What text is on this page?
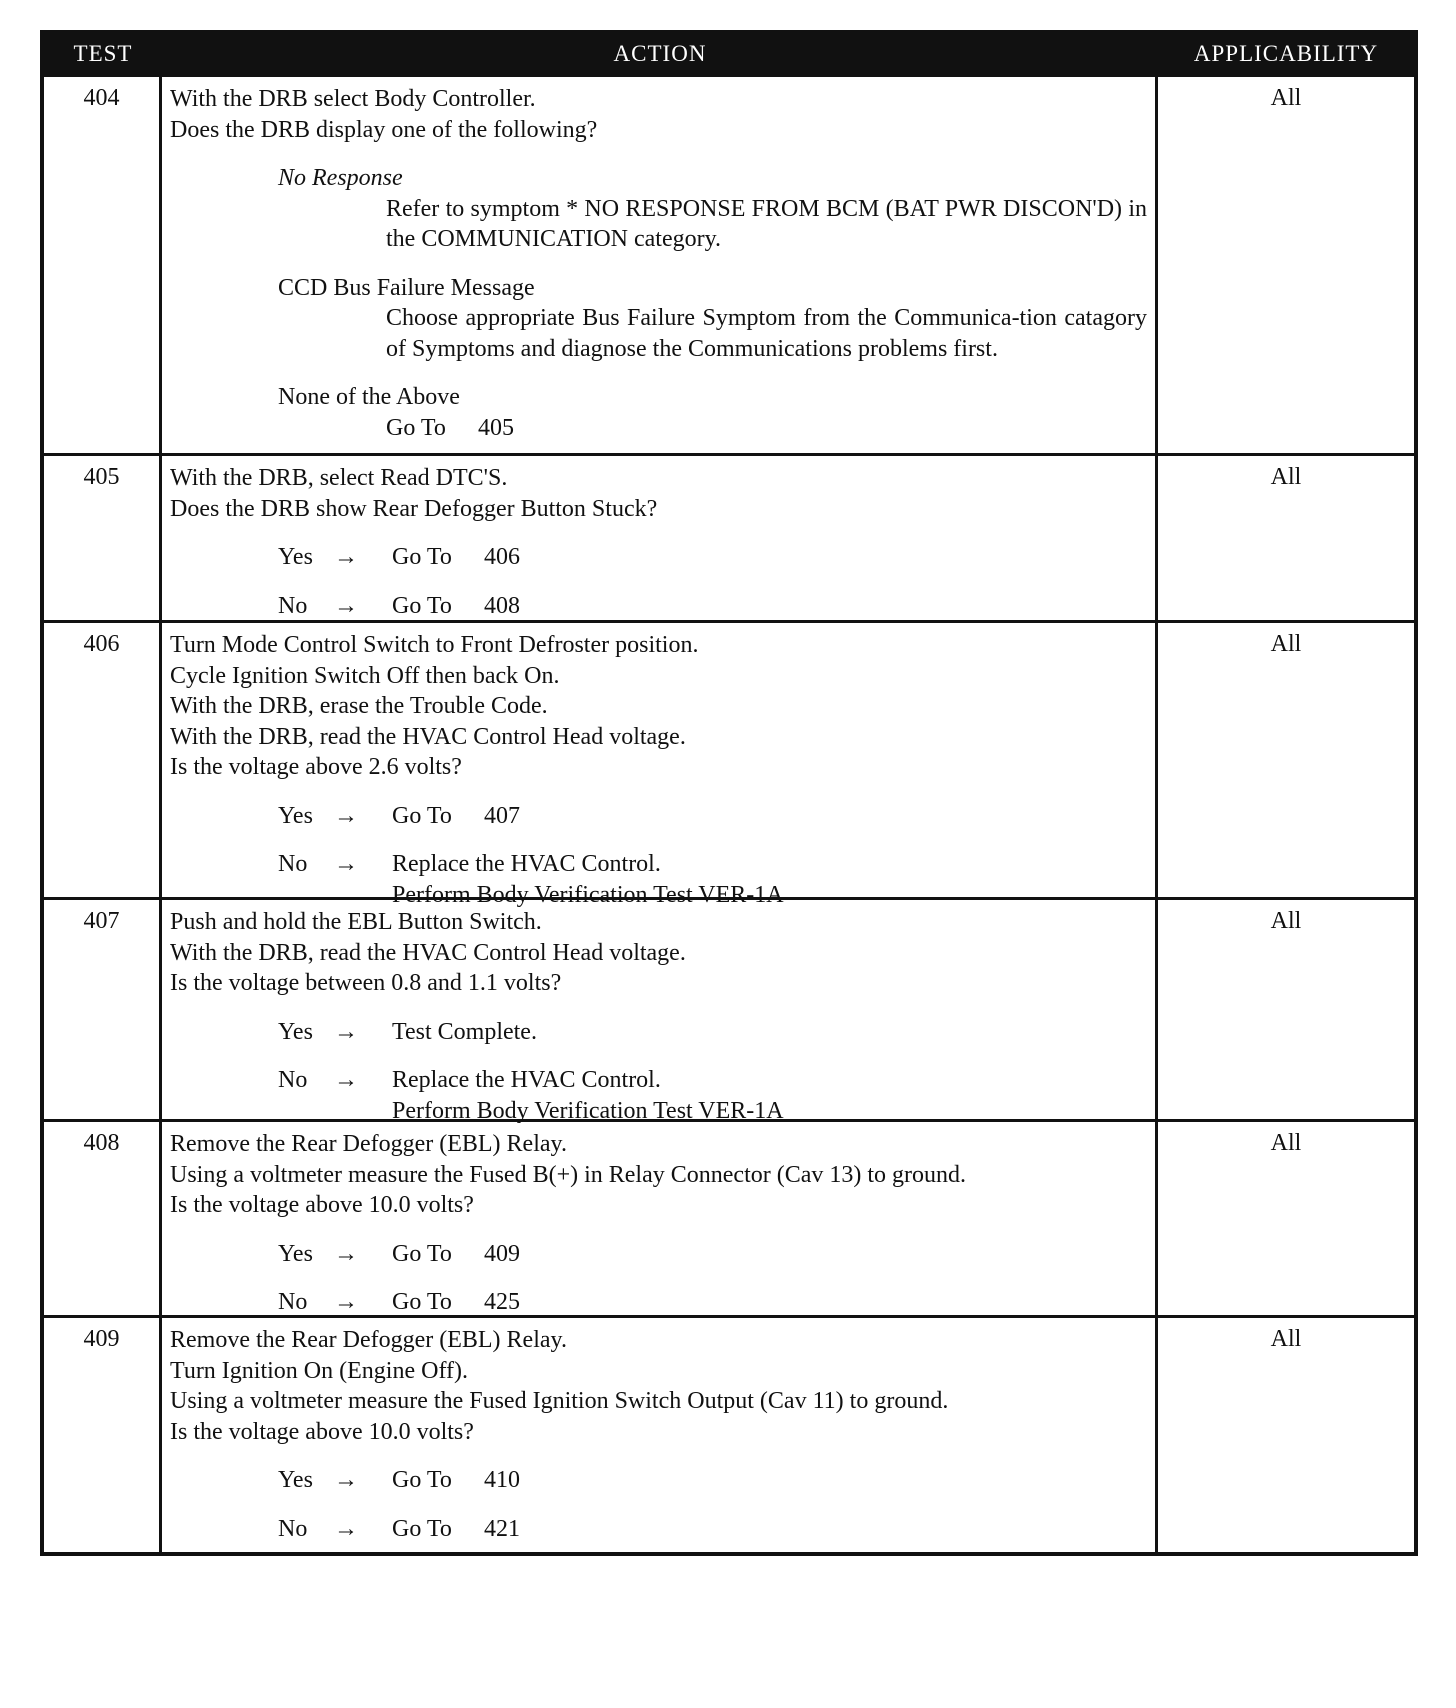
TEST	ACTION	APPLICABILITY
404	With the DRB select Body Controller.
Does the DRB display one of the following?
No Response
Refer to symptom * NO RESPONSE FROM BCM (BAT PWR DISCON'D) in the COMMUNICATION category.
CCD Bus Failure Message
Choose appropriate Bus Failure Symptom from the Communica-tion catagory of Symptoms and diagnose the Communications problems first.
None of the Above
Go To 405
All
405	With the DRB, select Read DTC'S.
Does the DRB show Rear Defogger Button Stuck?
Yes →	Go To 406
No	→	Go To 408
All
406	Turn Mode Control Switch to Front Defroster position.
Cycle Ignition Switch Off then back On.
With the DRB, erase the Trouble Code.
With the DRB, read the HVAC Control Head voltage.
Is the voltage above 2.6 volts?
Yes →	Go To 407
No	→	Replace the HVAC Control.
Perform Body Verification Test VER-1A
All
407	Push and hold the EBL Button Switch.
With the DRB, read the HVAC Control Head voltage.
Is the voltage between 0.8 and 1.1 volts?
Yes →	Test Complete.
No	→	Replace the HVAC Control.
Perform Body Verification Test VER-1A
All
408	Remove the Rear Defogger (EBL) Relay.
Using a voltmeter measure the Fused B(+) in Relay Connector (Cav 13) to ground.
Is the voltage above 10.0 volts?
Yes →	Go To 409
No	→	Go To 425
All
409	Remove the Rear Defogger (EBL) Relay.
Turn Ignition On (Engine Off).
Using a voltmeter measure the Fused Ignition Switch Output (Cav 11) to ground.
Is the voltage above 10.0 volts?
Yes →	Go To 410
No	→	Go To 421
All
